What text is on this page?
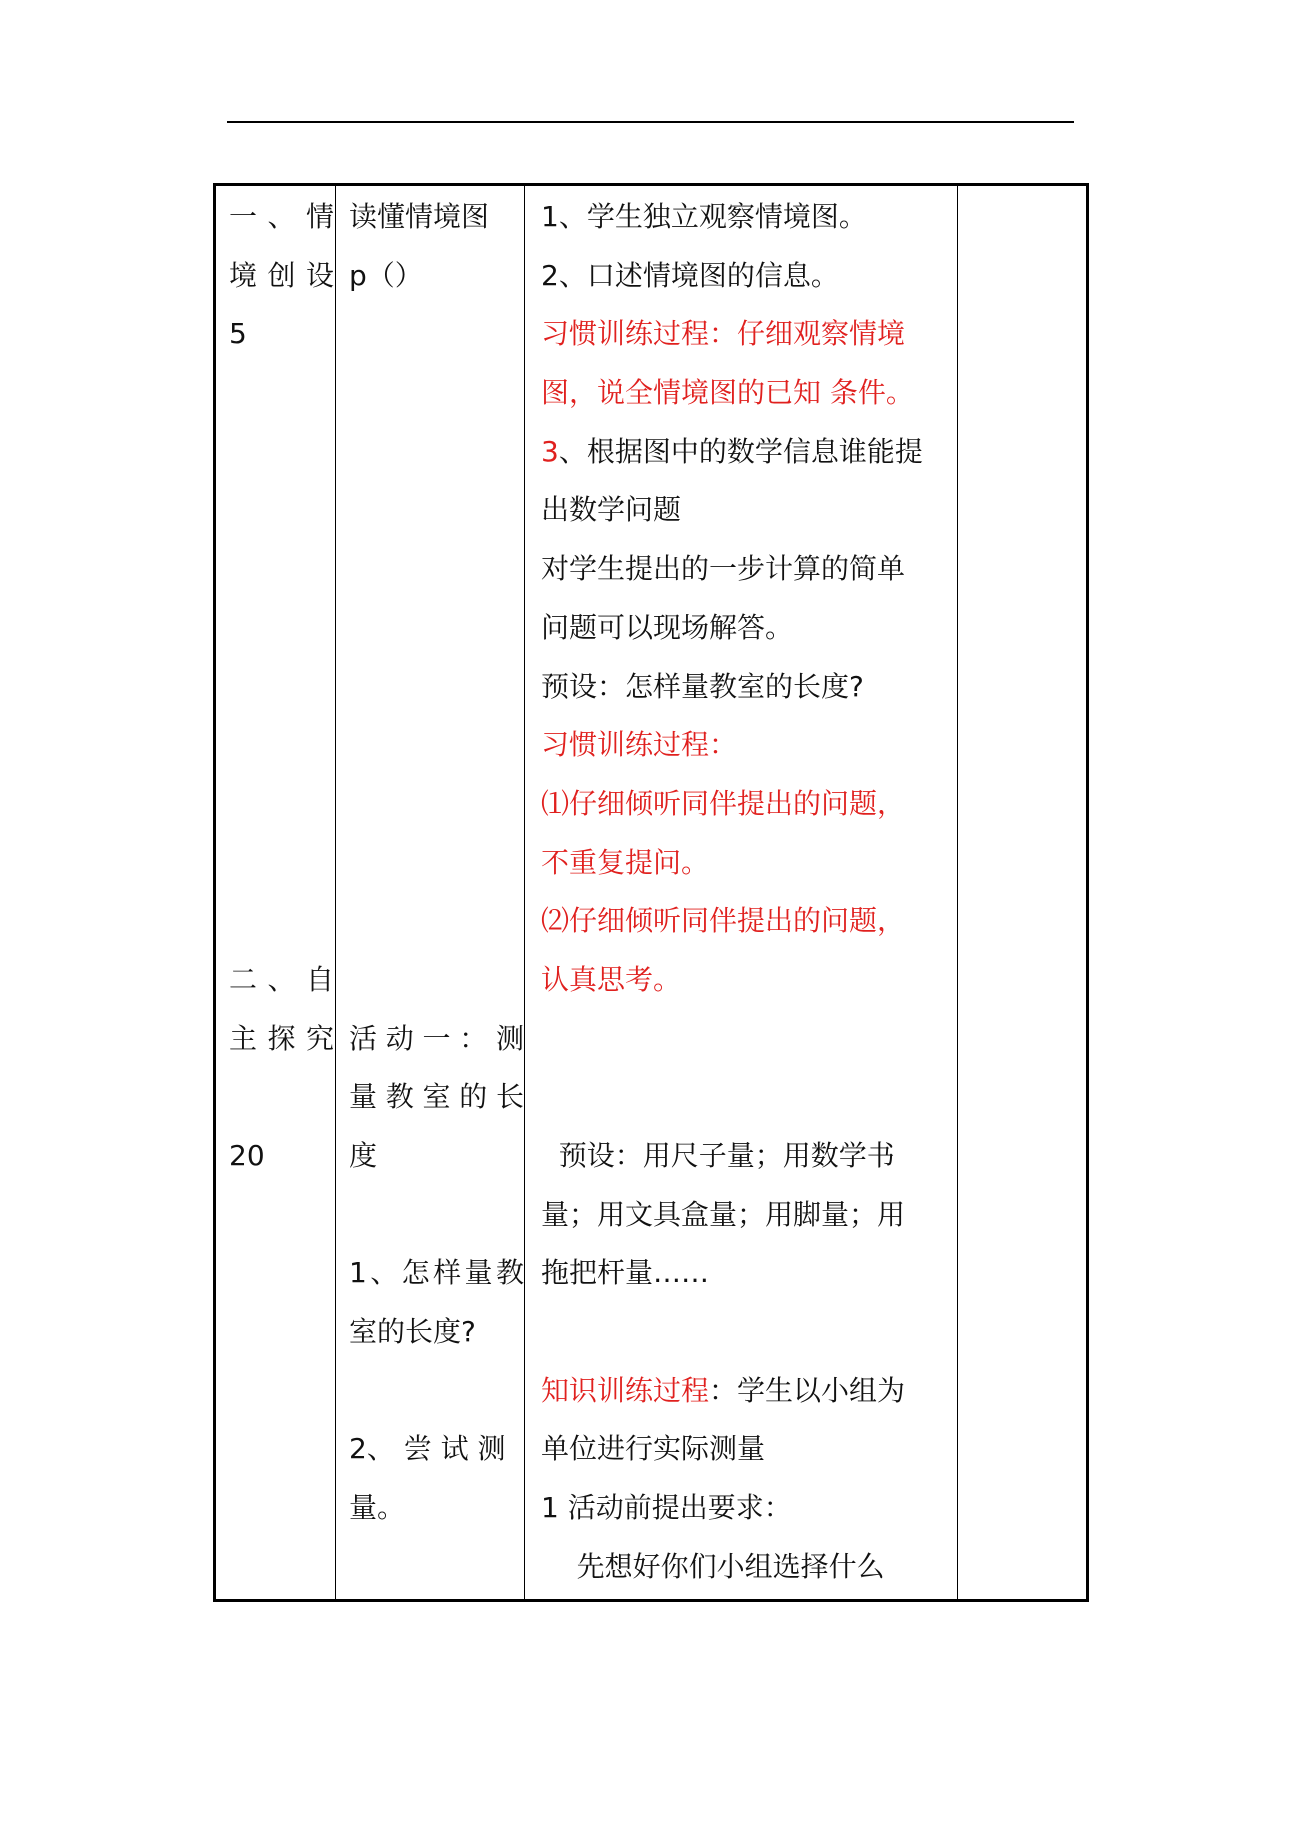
一、情
境创设
5
二、自
主探究
20
读懂情境图
p（）
活动一：测
量教室的长
度
1、怎样量教
室的长度?
2、 尝 试 测
量。
1、学生独立观察情境图。
2、口述情境图的信息。
习惯训练过程：仔细观察情境
图，说全情境图的已知 条件。
3、根据图中的数学信息谁能提
出数学问题
对学生提出的一步计算的简单
问题可以现场解答。
预设：怎样量教室的长度?
习惯训练过程：
⑴仔细倾听同伴提出的问题，
不重复提问。
⑵仔细倾听同伴提出的问题，
认真思考。
预设：用尺子量；用数学书
量；用文具盒量；用脚量；用
拖把杆量……
知识训练过程：学生以小组为
单位进行实际测量
1 活动前提出要求：
先想好你们小组选择什么
